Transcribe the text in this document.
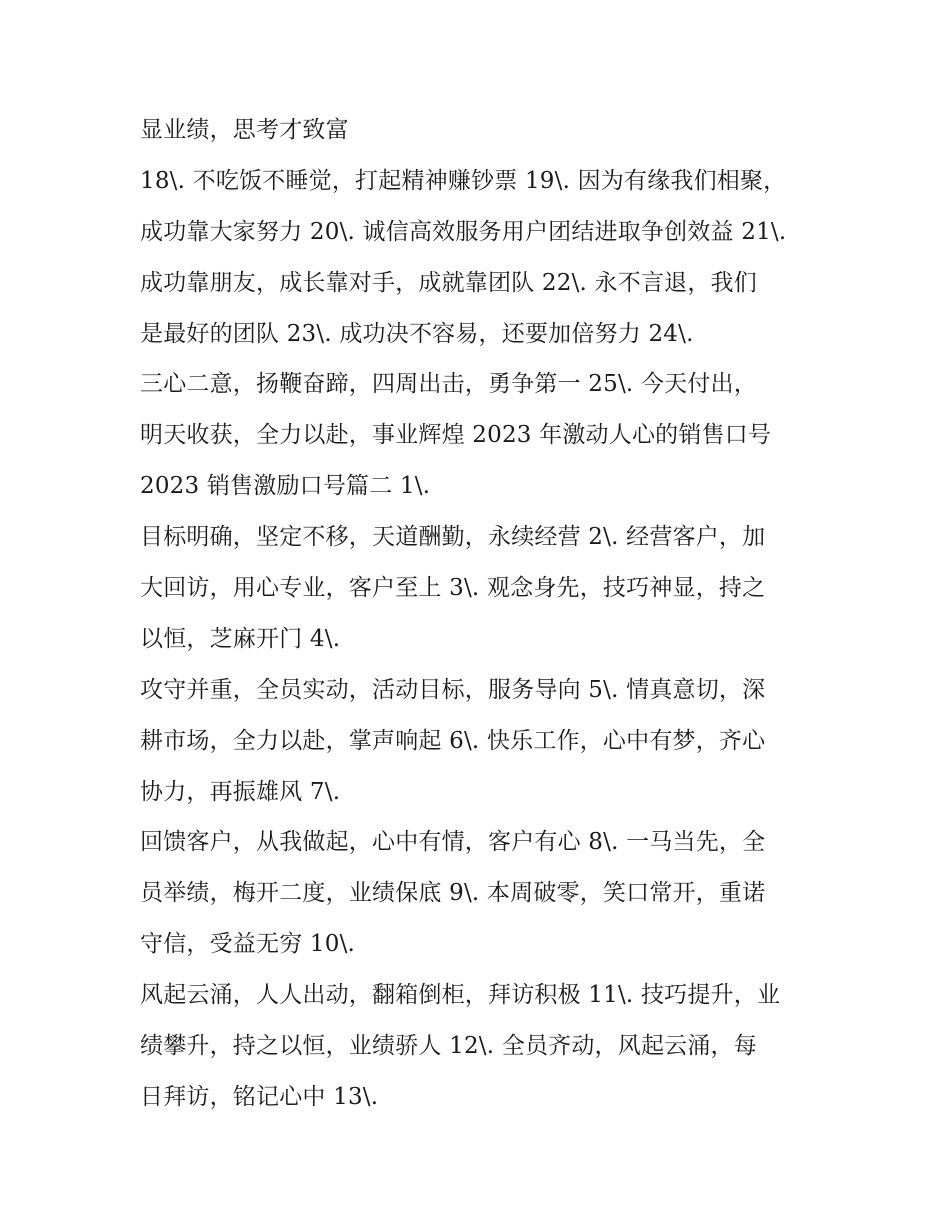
显业绩，思考才致富
18\. 不吃饭不睡觉，打起精神赚钞票 19\. 因为有缘我们相聚，
成功靠大家努力 20\. 诚信高效服务用户团结进取争创效益 21\.
成功靠朋友，成长靠对手，成就靠团队 22\. 永不言退，我们
是最好的团队 23\. 成功决不容易，还要加倍努力 24\.
三心二意，扬鞭奋蹄，四周出击，勇争第一 25\. 今天付出，
明天收获，全力以赴，事业辉煌 2023 年激动人心的销售口号
2023 销售激励口号篇二 1\.
目标明确，坚定不移，天道酬勤，永续经营 2\. 经营客户，加
大回访，用心专业，客户至上 3\. 观念身先，技巧神显，持之
以恒，芝麻开门 4\.
攻守并重，全员实动，活动目标，服务导向 5\. 情真意切，深
耕市场，全力以赴，掌声响起 6\. 快乐工作，心中有梦，齐心
协力，再振雄风 7\.
回馈客户，从我做起，心中有情，客户有心 8\. 一马当先，全
员举绩，梅开二度，业绩保底 9\. 本周破零，笑口常开，重诺
守信，受益无穷 10\.
风起云涌，人人出动，翻箱倒柜，拜访积极 11\. 技巧提升，业
绩攀升，持之以恒，业绩骄人 12\. 全员齐动，风起云涌，每
日拜访，铭记心中 13\.
